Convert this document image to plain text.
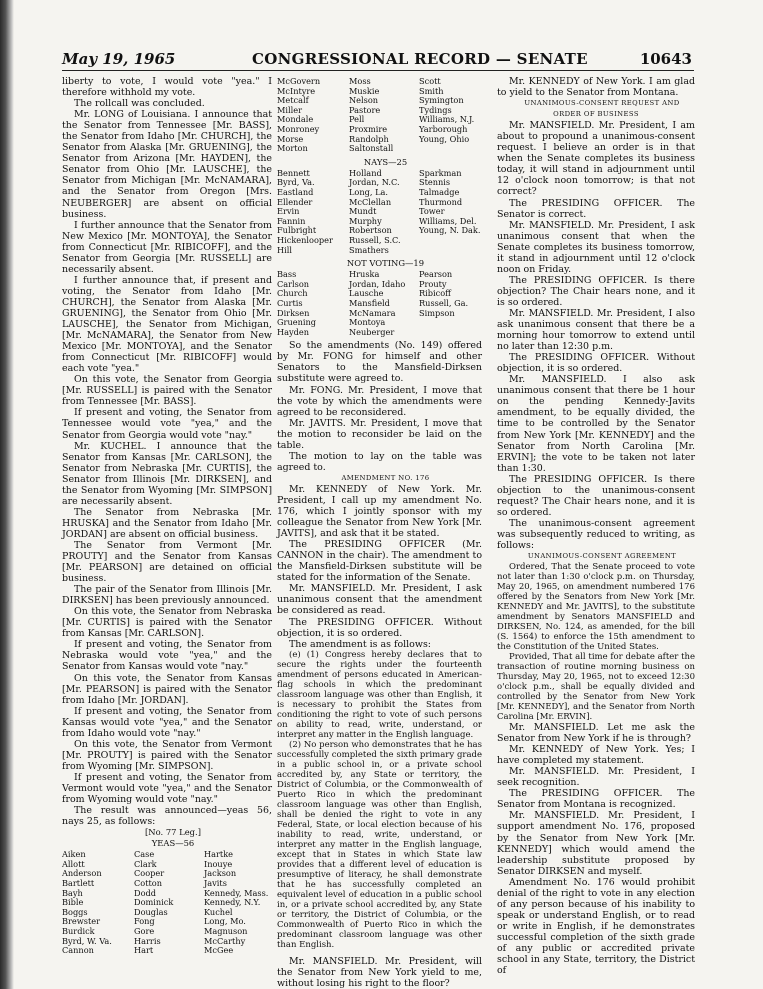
May 19, 1965	CONGRESSIONAL RECORD — SENATE	10643

liberty to vote, I would vote "yea." I therefore withhold my vote.

The rollcall was concluded.

Mr. LONG of Louisiana. I announce that the Senator from Tennessee [Mr. BASS], the Senator from Idaho [Mr. CHURCH], the Senator from Alaska [Mr. GRUENING], the Senator from Arizona [Mr. HAYDEN], the Senator from Ohio [Mr. LAUSCHE], the Senator from Michigan [Mr. McNAMARA], and the Senator from Oregon [Mrs. NEUBERGER] are absent on official business.

I further announce that the Senator from New Mexico [Mr. MONTOYA], the Senator from Connecticut [Mr. RIBICOFF], and the Senator from Georgia [Mr. RUSSELL] are necessarily absent.

I further announce that, if present and voting, the Senator from Idaho [Mr. CHURCH], the Senator from Alaska [Mr. GRUENING], the Senator from Ohio [Mr. LAUSCHE], the Senator from Michigan, [Mr. McNAMARA], the Senator from New Mexico [Mr. MONTOYA], and the Senator from Connecticut [Mr. RIBICOFF] would each vote "yea."

On this vote, the Senator from Georgia [Mr. RUSSELL] is paired with the Senator from Tennessee [Mr. BASS].

If present and voting, the Senator from Tennessee would vote "yea," and the Senator from Georgia would vote "nay."

Mr. KUCHEL. I announce that the Senator from Kansas [Mr. CARLSON], the Senator from Nebraska [Mr. CURTIS], the Senator from Illinois [Mr. DIRKSEN], and the Senator from Wyoming [Mr. SIMPSON] are necessarily absent.

The Senator from Nebraska [Mr. HRUSKA] and the Senator from Idaho [Mr. JORDAN] are absent on official business.

The Senator from Vermont [Mr. PROUTY] and the Senator from Kansas [Mr. PEARSON] are detained on official business.

The pair of the Senator from Illinois [Mr. DIRKSEN] has been previously announced.

On this vote, the Senator from Nebraska [Mr. CURTIS] is paired with the Senator from Kansas [Mr. CARLSON].

If present and voting, the Senator from Nebraska would vote "yea," and the Senator from Kansas would vote "nay."

On this vote, the Senator from Kansas [Mr. PEARSON] is paired with the Senator from Idaho [Mr. JORDAN].

If present and voting, the Senator from Kansas would vote "yea," and the Senator from Idaho would vote "nay."

On this vote, the Senator from Vermont [Mr. PROUTY] is paired with the Senator from Wyoming [Mr. SIMPSON].

If present and voting, the Senator from Vermont would vote "yea," and the Senator from Wyoming would vote "nay."

The result was announced—yeas 56, nays 25, as follows:

[No. 77 Leg.]

YEAS—56

Aiken	Case	Hartke
Allott	Clark	Inouye
Anderson	Cooper	Jackson
Bartlett	Cotton	Javits
Bayh	Dodd	Kennedy, Mass.
Bible	Dominick	Kennedy, N.Y.
Boggs	Douglas	Kuchel
Brewster	Fong	Long, Mo.
Burdick	Gore	Magnuson
Byrd, W. Va.	Harris	McCarthy
Cannon	Hart	McGee
McGovern	Moss	Scott
McIntyre	Muskie	Smith
Metcalf	Nelson	Symington
Miller	Pastore	Tydings
Mondale	Pell	Williams, N.J.
Monroney	Proxmire	Yarborough
Morse	Randolph	Young, Ohio
Morton	Saltonstall

NAYS—25

Bennett	Holland	Sparkman
Byrd, Va.	Jordan, N.C.	Stennis
Eastland	Long, La.	Talmadge
Ellender	McClellan	Thurmond
Ervin	Mundt	Tower
Fannin	Murphy	Williams, Del.
Fulbright	Robertson	Young, N. Dak.
Hickenlooper	Russell, S.C.
Hill	Smathers

NOT VOTING—19

Bass	Hruska	Pearson
Carlson	Jordan, Idaho	Prouty
Church	Lausche	Ribicoff
Curtis	Mansfield	Russell, Ga.
Dirksen	McNamara	Simpson
Gruening	Montoya
Hayden	Neuberger

So the amendments (No. 149) offered by Mr. FONG for himself and other Senators to the Mansfield-Dirksen substitute were agreed to.

Mr. FONG. Mr. President, I move that the vote by which the amendments were agreed to be reconsidered.

Mr. JAVITS. Mr. President, I move that the motion to reconsider be laid on the table.

The motion to lay on the table was agreed to.

AMENDMENT NO. 176

Mr. KENNEDY of New York. Mr. President, I call up my amendment No. 176, which I jointly sponsor with my colleague the Senator from New York [Mr. JAVITS], and ask that it be stated.

The PRESIDING OFFICER (Mr. CANNON in the chair). The amendment to the Mansfield-Dirksen substitute will be stated for the information of the Senate.

Mr. MANSFIELD. Mr. President, I ask unanimous consent that the amendment be considered as read.

The PRESIDING OFFICER. Without objection, it is so ordered.

The amendment is as follows:

(e) (1) Congress hereby declares that to secure the rights under the fourteenth amendment of persons educated in American-flag schools in which the predominant classroom language was other than English, it is necessary to prohibit the States from conditioning the right to vote of such persons on ability to read, write, understand, or interpret any matter in the English language.

(2) No person who demonstrates that he has successfully completed the sixth primary grade in a public school in, or a private school accredited by, any State or territory, the District of Columbia, or the Commonwealth of Puerto Rico in which the predominant classroom language was other than English, shall be denied the right to vote in any Federal, State, or local election because of his inability to read, write, understand, or interpret any matter in the English language, except that in States in which State law provides that a different level of education is presumptive of literacy, he shall demonstrate that he has successfully completed an equivalent level of education in a public school in, or a private school accredited by, any State or territory, the District of Columbia, or the Commonwealth of Puerto Rico in which the predominant classroom language was other than English.

Mr. MANSFIELD. Mr. President, will the Senator from New York yield to me, without losing his right to the floor?

Mr. KENNEDY of New York. I am glad to yield to the Senator from Montana.

UNANIMOUS-CONSENT REQUEST AND ORDER OF BUSINESS

Mr. MANSFIELD. Mr. President, I am about to propound a unanimous-consent request. I believe an order is in that when the Senate completes its business today, it will stand in adjournment until 12 o'clock noon tomorrow; is that not correct?

The PRESIDING OFFICER. The Senator is correct.

Mr. MANSFIELD. Mr. President, I ask unanimous consent that when the Senate completes its business tomorrow, it stand in adjournment until 12 o'clock noon on Friday.

The PRESIDING OFFICER. Is there objection? The Chair hears none, and it is so ordered.

Mr. MANSFIELD. Mr. President, I also ask unanimous consent that there be a morning hour tomorrow to extend until no later than 12:30 p.m.

The PRESIDING OFFICER. Without objection, it is so ordered.

Mr. MANSFIELD. I also ask unanimous consent that there be 1 hour on the pending Kennedy-Javits amendment, to be equally divided, the time to be controlled by the Senator from New York [Mr. KENNEDY] and the Senator from North Carolina [Mr. ERVIN]; the vote to be taken not later than 1:30.

The PRESIDING OFFICER. Is there objection to the unanimous-consent request? The Chair hears none, and it is so ordered.

The unanimous-consent agreement was subsequently reduced to writing, as follows:

UNANIMOUS-CONSENT AGREEMENT

Ordered, That the Senate proceed to vote not later than 1:30 o'clock p.m. on Thursday, May 20, 1965, on amendment numbered 176 offered by the Senators from New York [Mr. KENNEDY and Mr. JAVITS], to the substitute amendment by Senators MANSFIELD and DIRKSEN, No. 124, as amended, for the bill (S. 1564) to enforce the 15th amendment to the Constitution of the United States.

Provided, That all time for debate after the transaction of routine morning business on Thursday, May 20, 1965, not to exceed 12:30 o'clock p.m., shall be equally divided and controlled by the Senator from New York [Mr. KENNEDY], and the Senator from North Carolina [Mr. ERVIN].

Mr. MANSFIELD. Let me ask the Senator from New York if he is through?

Mr. KENNEDY of New York. Yes; I have completed my statement.

Mr. MANSFIELD. Mr. President, I seek recognition.

The PRESIDING OFFICER. The Senator from Montana is recognized.

Mr. MANSFIELD. Mr. President, I support amendment No. 176, proposed by the Senator from New York [Mr. KENNEDY] which would amend the leadership substitute proposed by Senator DIRKSEN and myself.

Amendment No. 176 would prohibit denial of the right to vote in any election of any person because of his inability to speak or understand English, or to read or write in English, if he demonstrates successful completion of the sixth grade of any public or accredited private school in any State, territory, the District of
